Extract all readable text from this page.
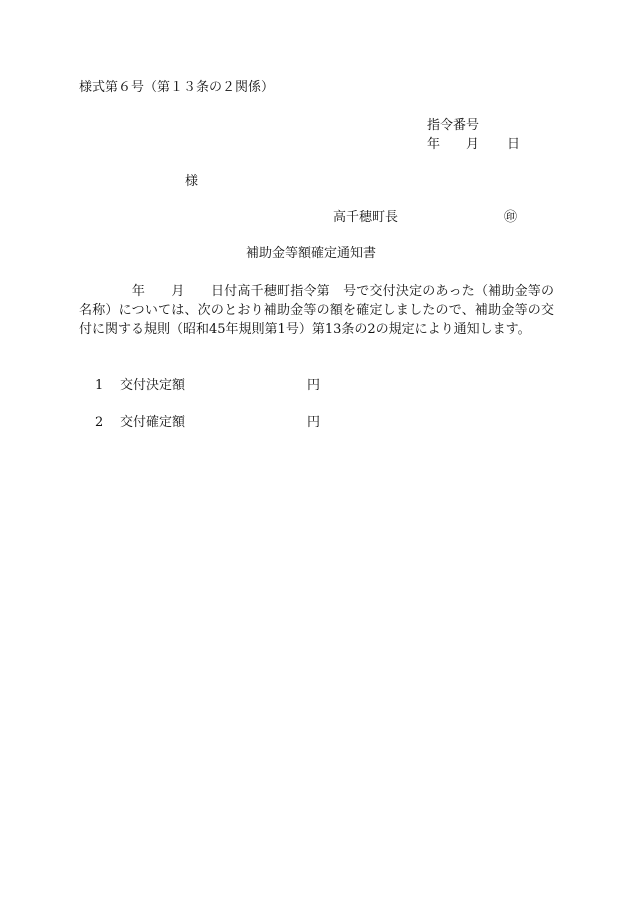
様式第６号（第１３条の２関係）
指令番号
年 月 日
様
高千穂町長	㊞
補助金等額確定通知書
　　　　年　　月　　日付高千穂町指令第　号で交付決定のあった（補助金等の名称）については、次のとおり補助金等の額を確定しましたので、補助金等の交付に関する規則（昭和45年規則第1号）第13条の2の規定により通知します。
1 交付決定額	円
2 交付確定額	円
